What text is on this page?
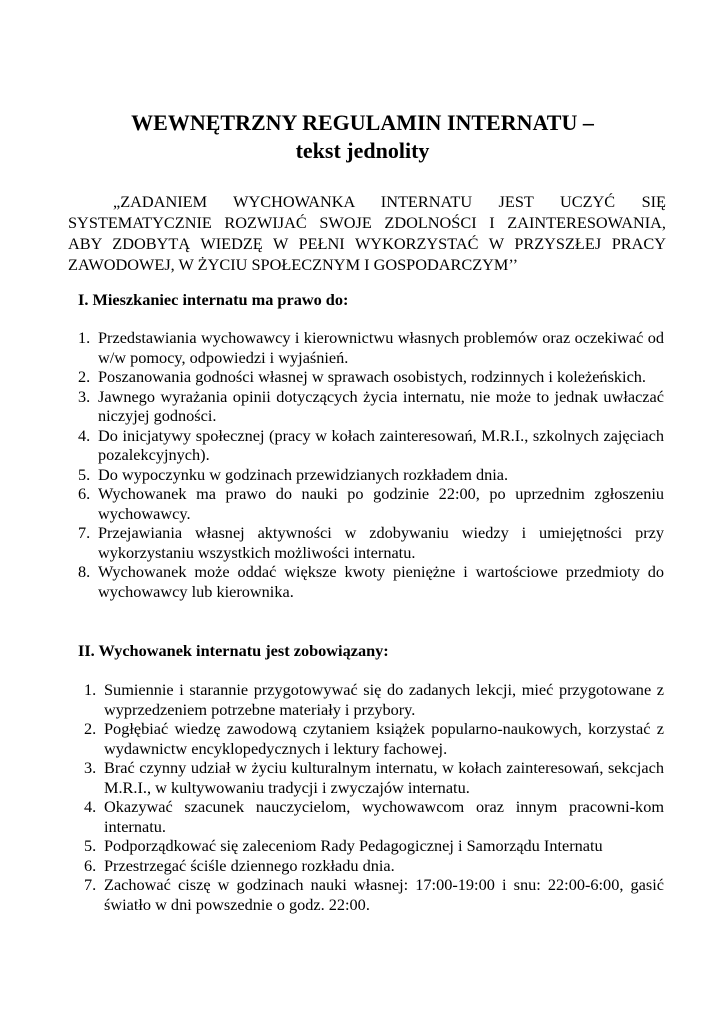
WEWNĘTRZNY REGULAMIN INTERNATU –
tekst jednolity

„ZADANIEM WYCHOWANKA INTERNATU JEST UCZYĆ SIĘ
SYSTEMATYCZNIE ROZWIJAĆ SWOJE ZDOLNOŚCI I ZAINTERESOWANIA,
ABY ZDOBYTĄ WIEDZĘ W PEŁNI WYKORZYSTAĆ W PRZYSZŁEJ PRACY
ZAWODOWEJ, W ŻYCIU SPOŁECZNYM I GOSPODARCZYM’’

I. Mieszkaniec internatu ma prawo do:
1. Przedstawiania wychowawcy i kierownictwu własnych problemów oraz oczekiwać od w/w pomocy, odpowiedzi i wyjaśnień.
2. Poszanowania godności własnej w sprawach osobistych, rodzinnych i koleżeńskich.
3. Jawnego wyrażania opinii dotyczących życia internatu, nie może to jednak uwłaczać niczyjej godności.
4. Do inicjatywy społecznej (pracy w kołach zainteresowań, M.R.I., szkolnych zajęciach pozalekcyjnych).
5. Do wypoczynku w godzinach przewidzianych rozkładem dnia.
6. Wychowanek ma prawo do nauki po godzinie 22:00, po uprzednim zgłoszeniu wychowawcy.
7. Przejawiania własnej aktywności w zdobywaniu wiedzy i umiejętności przy wykorzystaniu wszystkich możliwości internatu.
8. Wychowanek może oddać większe kwoty pieniężne i wartościowe przedmioty do wychowawcy lub kierownika.
II. Wychowanek internatu jest zobowiązany:
1. Sumiennie i starannie przygotowywać się do zadanych lekcji, mieć przygotowane z wyprzedzeniem potrzebne materiały i przybory.
2. Pogłębiać wiedzę zawodową czytaniem książek popularno-naukowych, korzystać z wydawnictw encyklopedycznych i lektury fachowej.
3. Brać czynny udział w życiu kulturalnym internatu, w kołach zainteresowań, sekcjach M.R.I., w kultywowaniu tradycji i zwyczajów internatu.
4. Okazywać szacunek nauczycielom, wychowawcom oraz innym pracowni-kom internatu.
5. Podporządkować się zaleceniom Rady Pedagogicznej i Samorządu Internatu
6. Przestrzegać ściśle dziennego rozkładu dnia.
7. Zachować ciszę w godzinach nauki własnej: 17:00-19:00 i snu: 22:00-6:00, gasić światło w dni powszednie o godz. 22:00.
